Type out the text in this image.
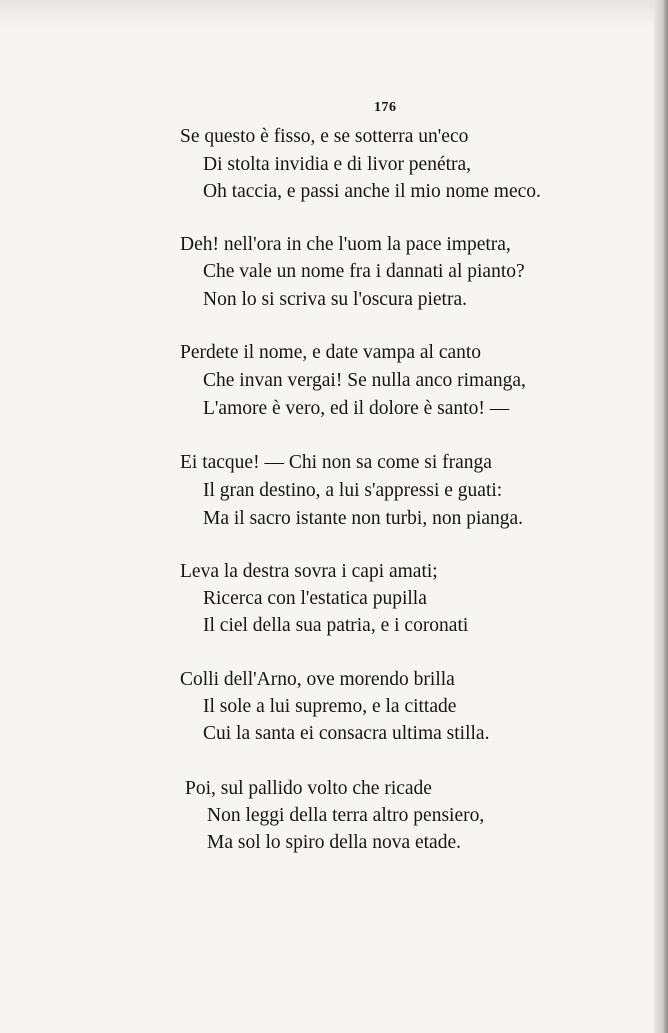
176
Se questo è fisso, e se sotterra un'eco
Di stolta invidia e di livor penétra,
Oh taccia, e passi anche il mio nome meco.
Deh! nell'ora in che l'uom la pace impetra,
Che vale un nome fra i dannati al pianto?
Non lo si scriva su l'oscura pietra.
Perdete il nome, e date vampa al canto
Che invan vergai! Se nulla anco rimanga,
L'amore è vero, ed il dolore è santo! —
Ei tacque! — Chi non sa come si franga
Il gran destino, a lui s'appressi e guati:
Ma il sacro istante non turbi, non pianga.
Leva la destra sovra i capi amati;
Ricerca con l'estatica pupilla
Il ciel della sua patria, e i coronati
Colli dell'Arno, ove morendo brilla
Il sole a lui supremo, e la cittade
Cui la santa ei consacra ultima stilla.
Poi, sul pallido volto che ricade
Non leggi della terra altro pensiero,
Ma sol lo spiro della nova etade.
